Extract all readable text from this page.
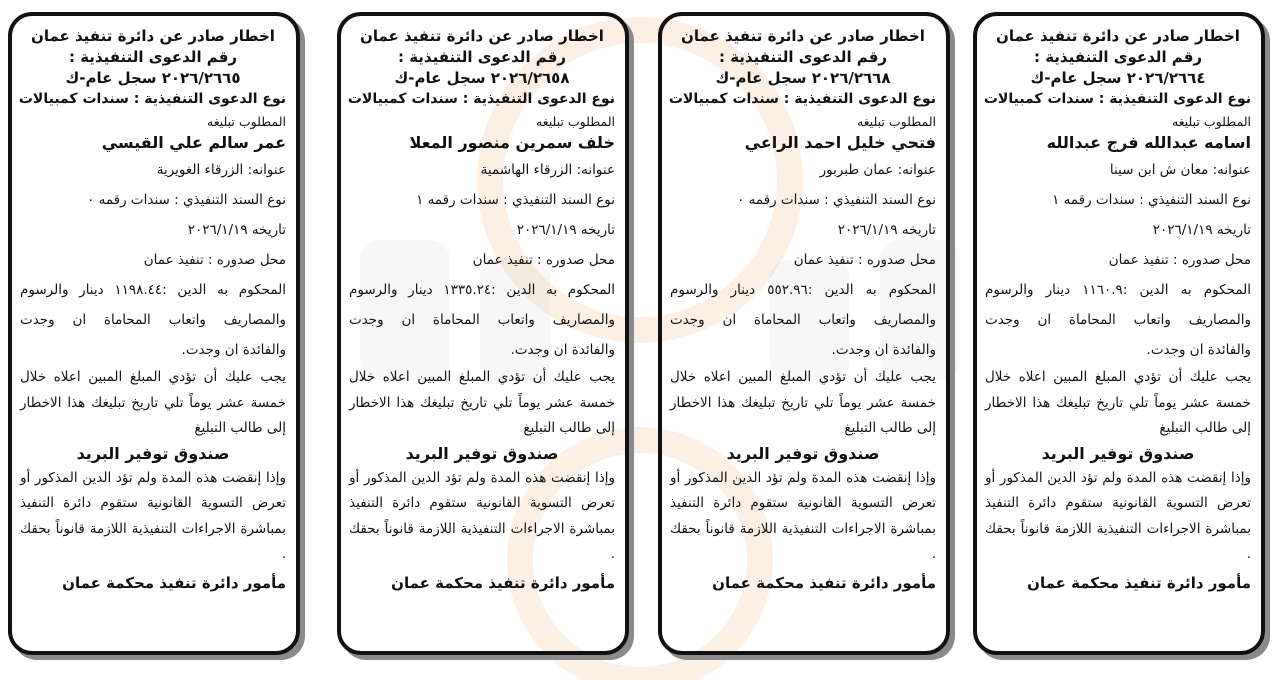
اخطار صادر عن دائرة تنفيذ عمان
رقم الدعوى التنفيذية :
٢٠٢٦/٢٦٦٤ سجل عام-ك
نوع الدعوى التنفيذية : سندات كمبيالات
المطلوب تبليغه
اسامه عبدالله فرج عبدالله
عنوانه: معان ش ابن سينا
نوع السند التنفيذي : سندات رقمه ١
تاريخه ٢٠٢٦/١/١٩
محل صدوره : تنفيذ عمان
المحكوم به الدين :١١٦٠.٩ دينار والرسوم
والمصاريف واتعاب المحاماة ان وجدت
والفائدة ان وجدت.
يجب عليك أن تؤدي المبلغ المبين اعلاه خلال خمسة عشر يوماً تلي تاريخ تبليغك هذا الاخطار إلى طالب التبليغ
صندوق توفير البريد
وإذا إنقضت هذه المدة ولم تؤد الدين المذكور أو تعرض التسوية القانونية ستقوم دائرة التنفيذ بمباشرة الاجراءات التنفيذية اللازمة قانوناً بحقك .
مأمور دائرة تنفيذ محكمة عمان
اخطار صادر عن دائرة تنفيذ عمان
رقم الدعوى التنفيذية :
٢٠٢٦/٢٦٦٨ سجل عام-ك
نوع الدعوى التنفيذية : سندات كمبيالات
المطلوب تبليغه
فتحي خليل احمد الراعي
عنوانه: عمان طبربور
نوع السند التنفيذي : سندات رقمه ٠
تاريخه ٢٠٢٦/١/١٩
محل صدوره : تنفيذ عمان
المحكوم به الدين :٥٥٢.٩٦ دينار والرسوم
والمصاريف واتعاب المحاماة ان وجدت
والفائدة ان وجدت.
يجب عليك أن تؤدي المبلغ المبين اعلاه خلال خمسة عشر يوماً تلي تاريخ تبليغك هذا الاخطار إلى طالب التبليغ
صندوق توفير البريد
وإذا إنقضت هذه المدة ولم تؤد الدين المذكور أو تعرض التسوية القانونية ستقوم دائرة التنفيذ بمباشرة الاجراءات التنفيذية اللازمة قانوناً بحقك .
مأمور دائرة تنفيذ محكمة عمان
اخطار صادر عن دائرة تنفيذ عمان
رقم الدعوى التنفيذية :
٢٠٢٦/٢٦٥٨ سجل عام-ك
نوع الدعوى التنفيذية : سندات كمبيالات
المطلوب تبليغه
خلف سمرين منصور المعلا
عنوانه: الزرقاء الهاشمية
نوع السند التنفيذي : سندات رقمه ١
تاريخه ٢٠٢٦/١/١٩
محل صدوره : تنفيذ عمان
المحكوم به الدين :١٣٣٥.٢٤ دينار والرسوم
والمصاريف واتعاب المحاماة ان وجدت
والفائدة ان وجدت.
يجب عليك أن تؤدي المبلغ المبين اعلاه خلال خمسة عشر يوماً تلي تاريخ تبليغك هذا الاخطار إلى طالب التبليغ
صندوق توفير البريد
وإذا إنقضت هذه المدة ولم تؤد الدين المذكور أو تعرض التسوية القانونية ستقوم دائرة التنفيذ بمباشرة الاجراءات التنفيذية اللازمة قانوناً بحقك .
مأمور دائرة تنفيذ محكمة عمان
اخطار صادر عن دائرة تنفيذ عمان
رقم الدعوى التنفيذية :
٢٠٢٦/٢٦٦٥ سجل عام-ك
نوع الدعوى التنفيذية : سندات كمبيالات
المطلوب تبليغه
عمر سالم علي القيسي
عنوانه: الزرقاء الغويرية
نوع السند التنفيذي : سندات رقمه ٠
تاريخه ٢٠٢٦/١/١٩
محل صدوره : تنفيذ عمان
المحكوم به الدين :١١٩٨.٤٤ دينار والرسوم
والمصاريف واتعاب المحاماة ان وجدت
والفائدة ان وجدت.
يجب عليك أن تؤدي المبلغ المبين اعلاه خلال خمسة عشر يوماً تلي تاريخ تبليغك هذا الاخطار إلى طالب التبليغ
صندوق توفير البريد
وإذا إنقضت هذه المدة ولم تؤد الدين المذكور أو تعرض التسوية القانونية ستقوم دائرة التنفيذ بمباشرة الاجراءات التنفيذية اللازمة قانوناً بحقك .
مأمور دائرة تنفيذ محكمة عمان
